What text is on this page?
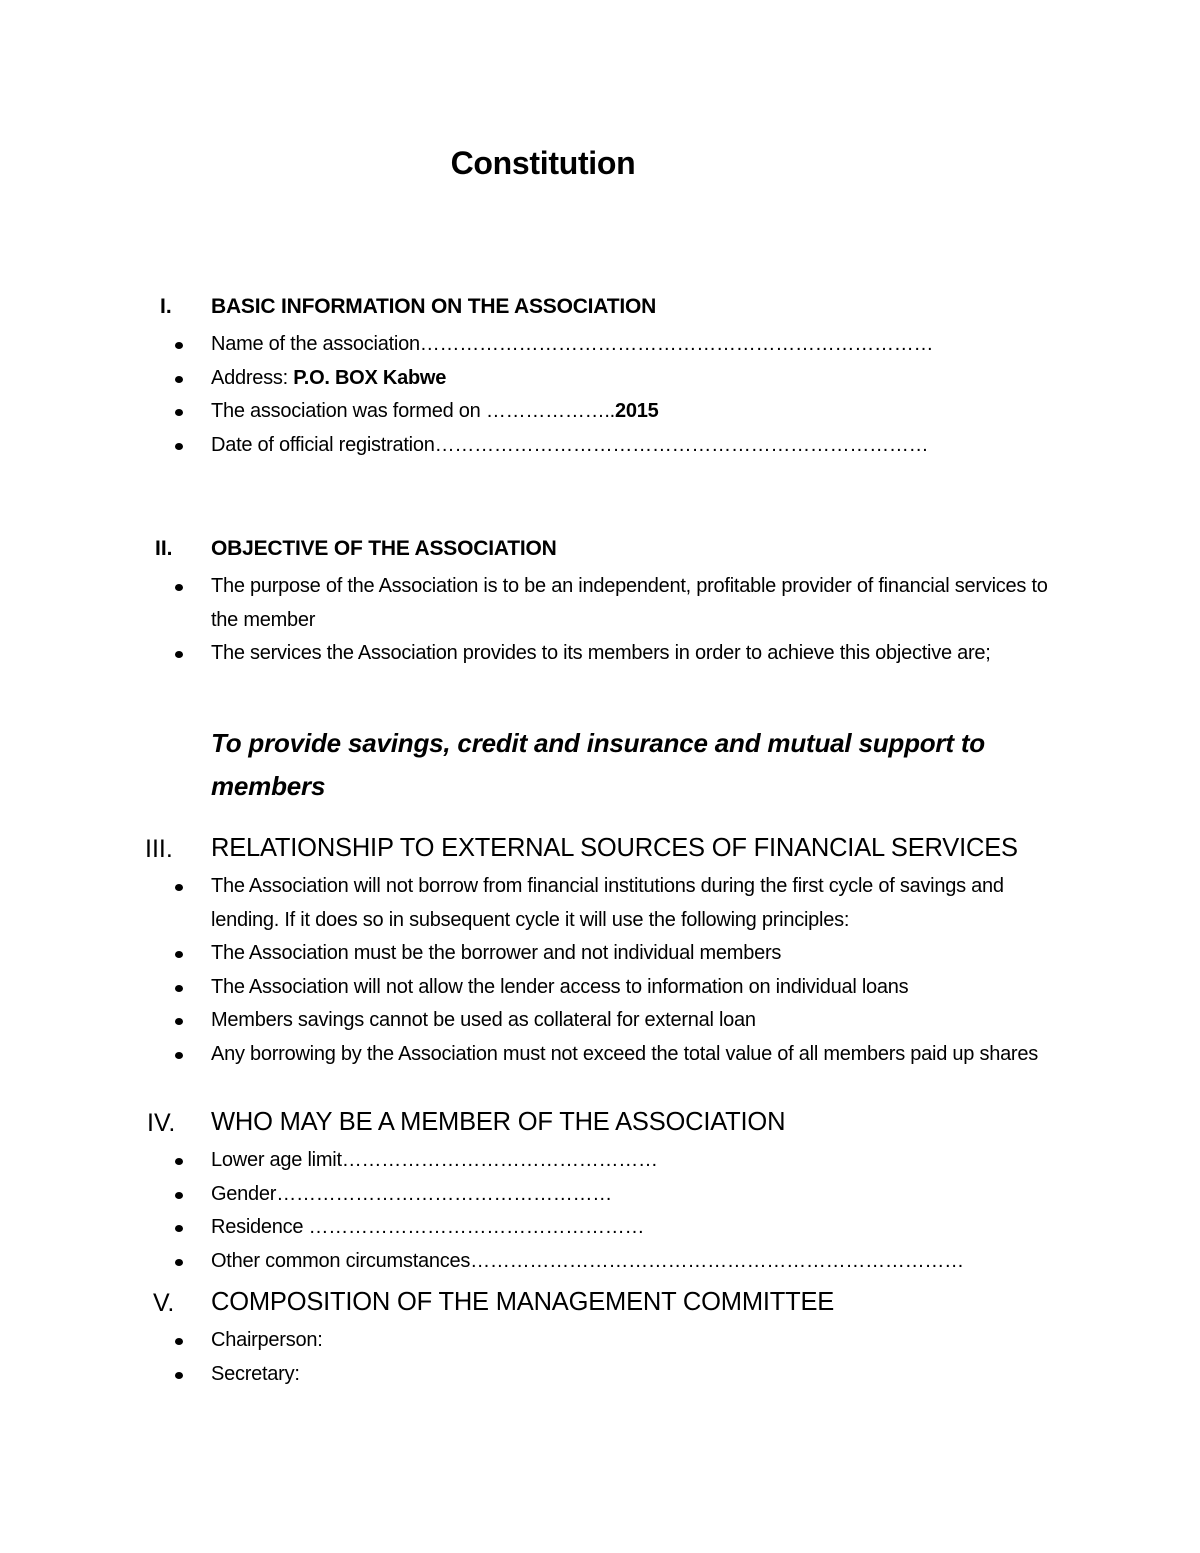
Constitution
I. BASIC INFORMATION ON THE ASSOCIATION
Name of the association……………………………………………………………………
Address: P.O. BOX Kabwe
The association was formed on ………………..2015
Date of official registration…………………………………………………………………
II. OBJECTIVE OF THE ASSOCIATION
The purpose of the Association is to be an independent, profitable provider of financial services to the member
The services the Association provides to its members in order to achieve this objective are;
To provide savings, credit and insurance and mutual support to members
III. RELATIONSHIP TO EXTERNAL SOURCES OF FINANCIAL SERVICES
The Association will not borrow from financial institutions during the first cycle of savings and lending. If it does so in subsequent cycle it will use the following principles:
The Association must be the borrower and not individual members
The Association will not allow the lender access to information on individual loans
Members savings cannot be used as collateral for external loan
Any borrowing by the Association must not exceed the total value of all members paid up shares
IV. WHO MAY BE A MEMBER OF THE ASSOCIATION
Lower age limit…………………………………………
Gender……………………………………………
Residence ……………………………………………
Other common circumstances…………………………………………………………………
V. COMPOSITION OF THE MANAGEMENT COMMITTEE
Chairperson:
Secretary:
